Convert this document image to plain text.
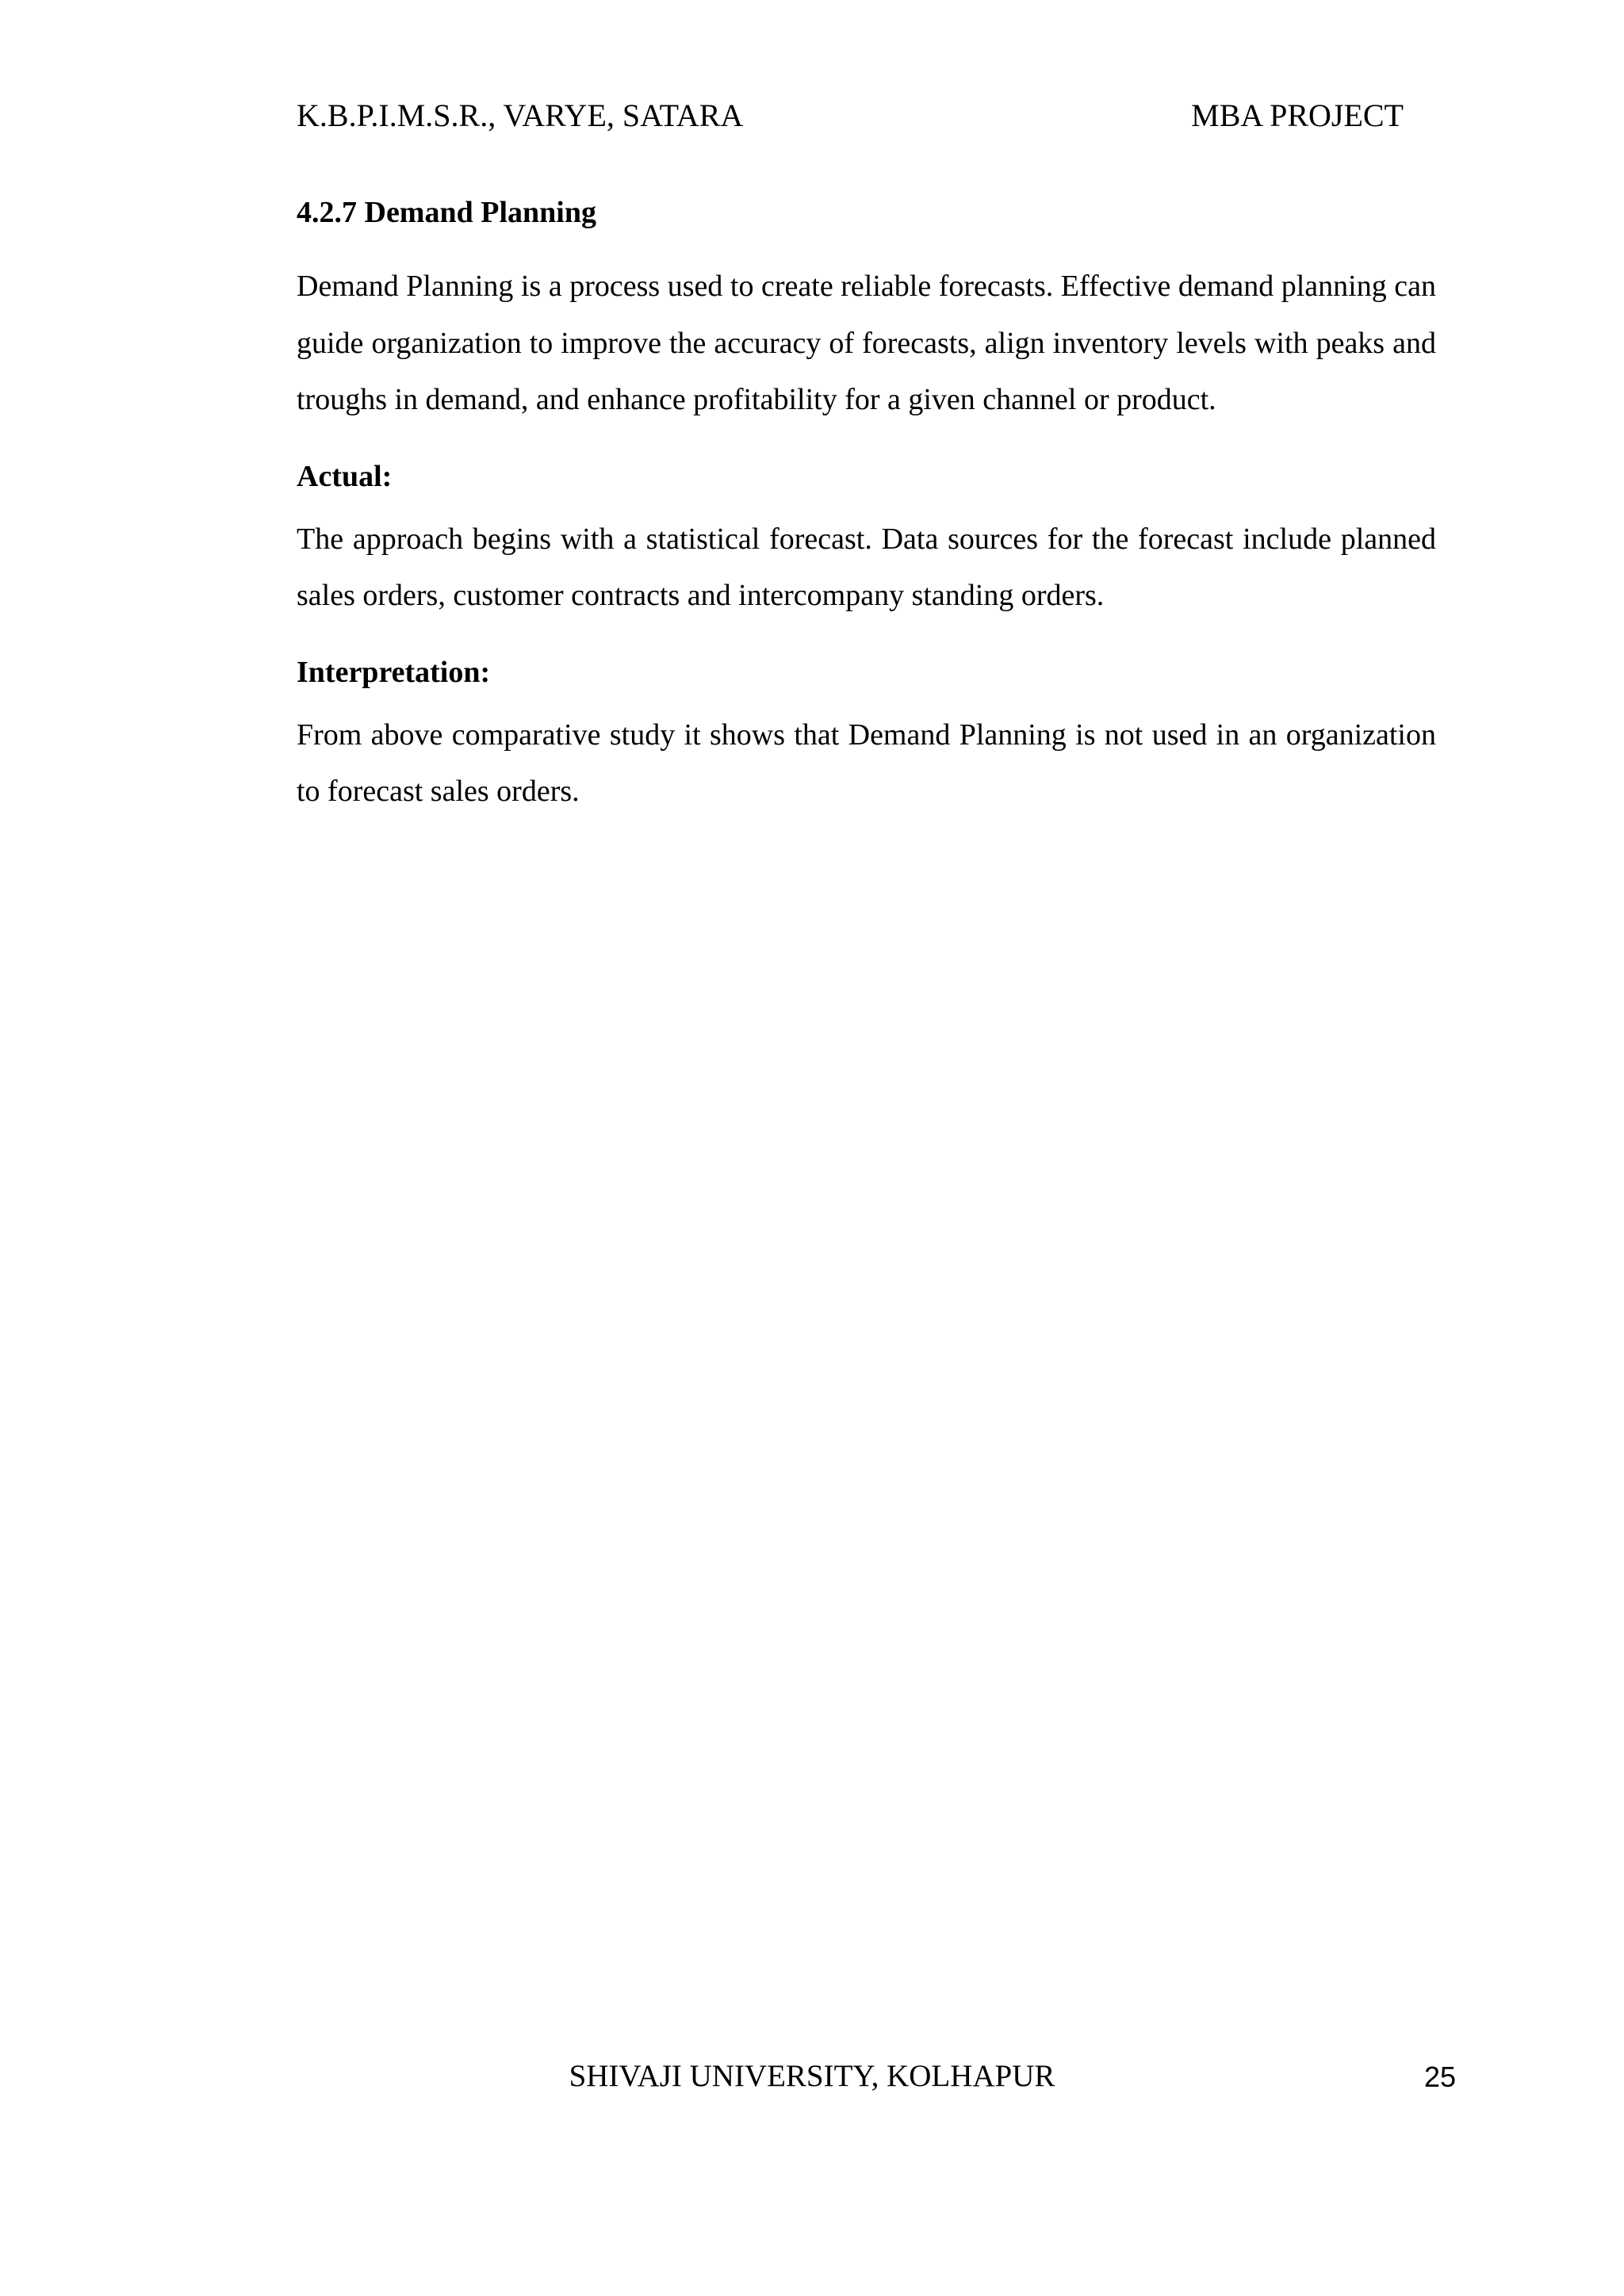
K.B.P.I.M.S.R., VARYE, SATARA	MBA PROJECT
4.2.7 Demand Planning

Demand Planning is a process used to create reliable forecasts. Effective demand planning can guide organization to improve the accuracy of forecasts, align inventory levels with peaks and troughs in demand, and enhance profitability for a given channel or product.

Actual:

The approach begins with a statistical forecast. Data sources for the forecast include planned sales orders, customer contracts and intercompany standing orders.

Interpretation:

From above comparative study it shows that Demand Planning is not used in an organization to forecast sales orders.

SHIVAJI UNIVERSITY, KOLHAPUR	25
